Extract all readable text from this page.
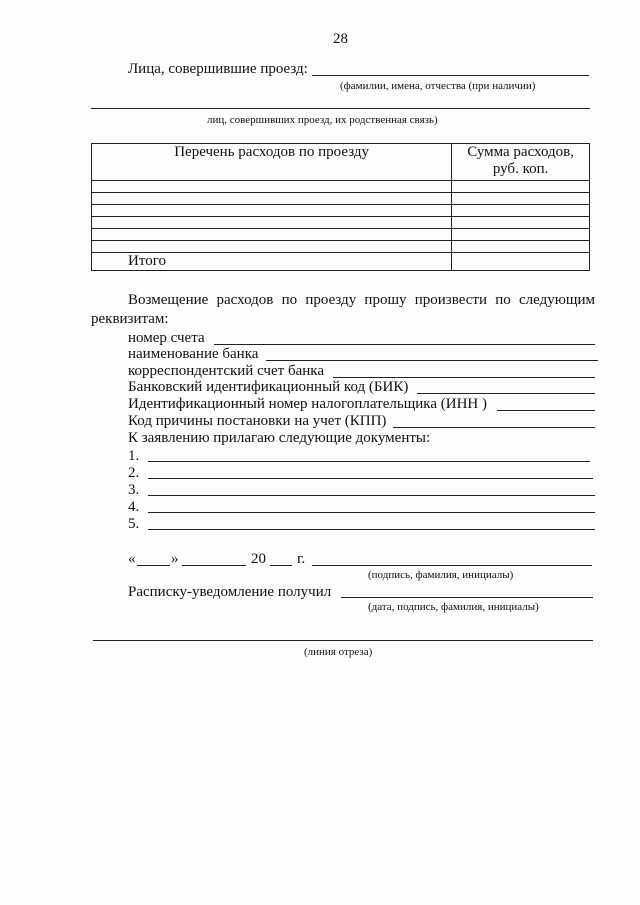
28
Лица, совершившие проезд:
(фамилии, имена, отчества (при наличии)
лиц, совершивших проезд, их родственная связь)
Перечень расходов по проезду	Сумма расходов,
руб. коп.

Итого	
Возмещение расходов по проезду прошу произвести по следующим
реквизитам:
номер счета
наименование банка
корреспондентский счет банка
Банковский идентификационный код (БИК)
Идентификационный номер налогоплательщика (ИНН )
Код причины постановки на учет (КПП)
К заявлению прилагаю следующие документы:
1.
2.
3.
4.
5.
« »	20 г.
(подпись, фамилия, инициалы)
Расписку-уведомление получил
(дата, подпись, фамилия, инициалы)
(линия отреза)
